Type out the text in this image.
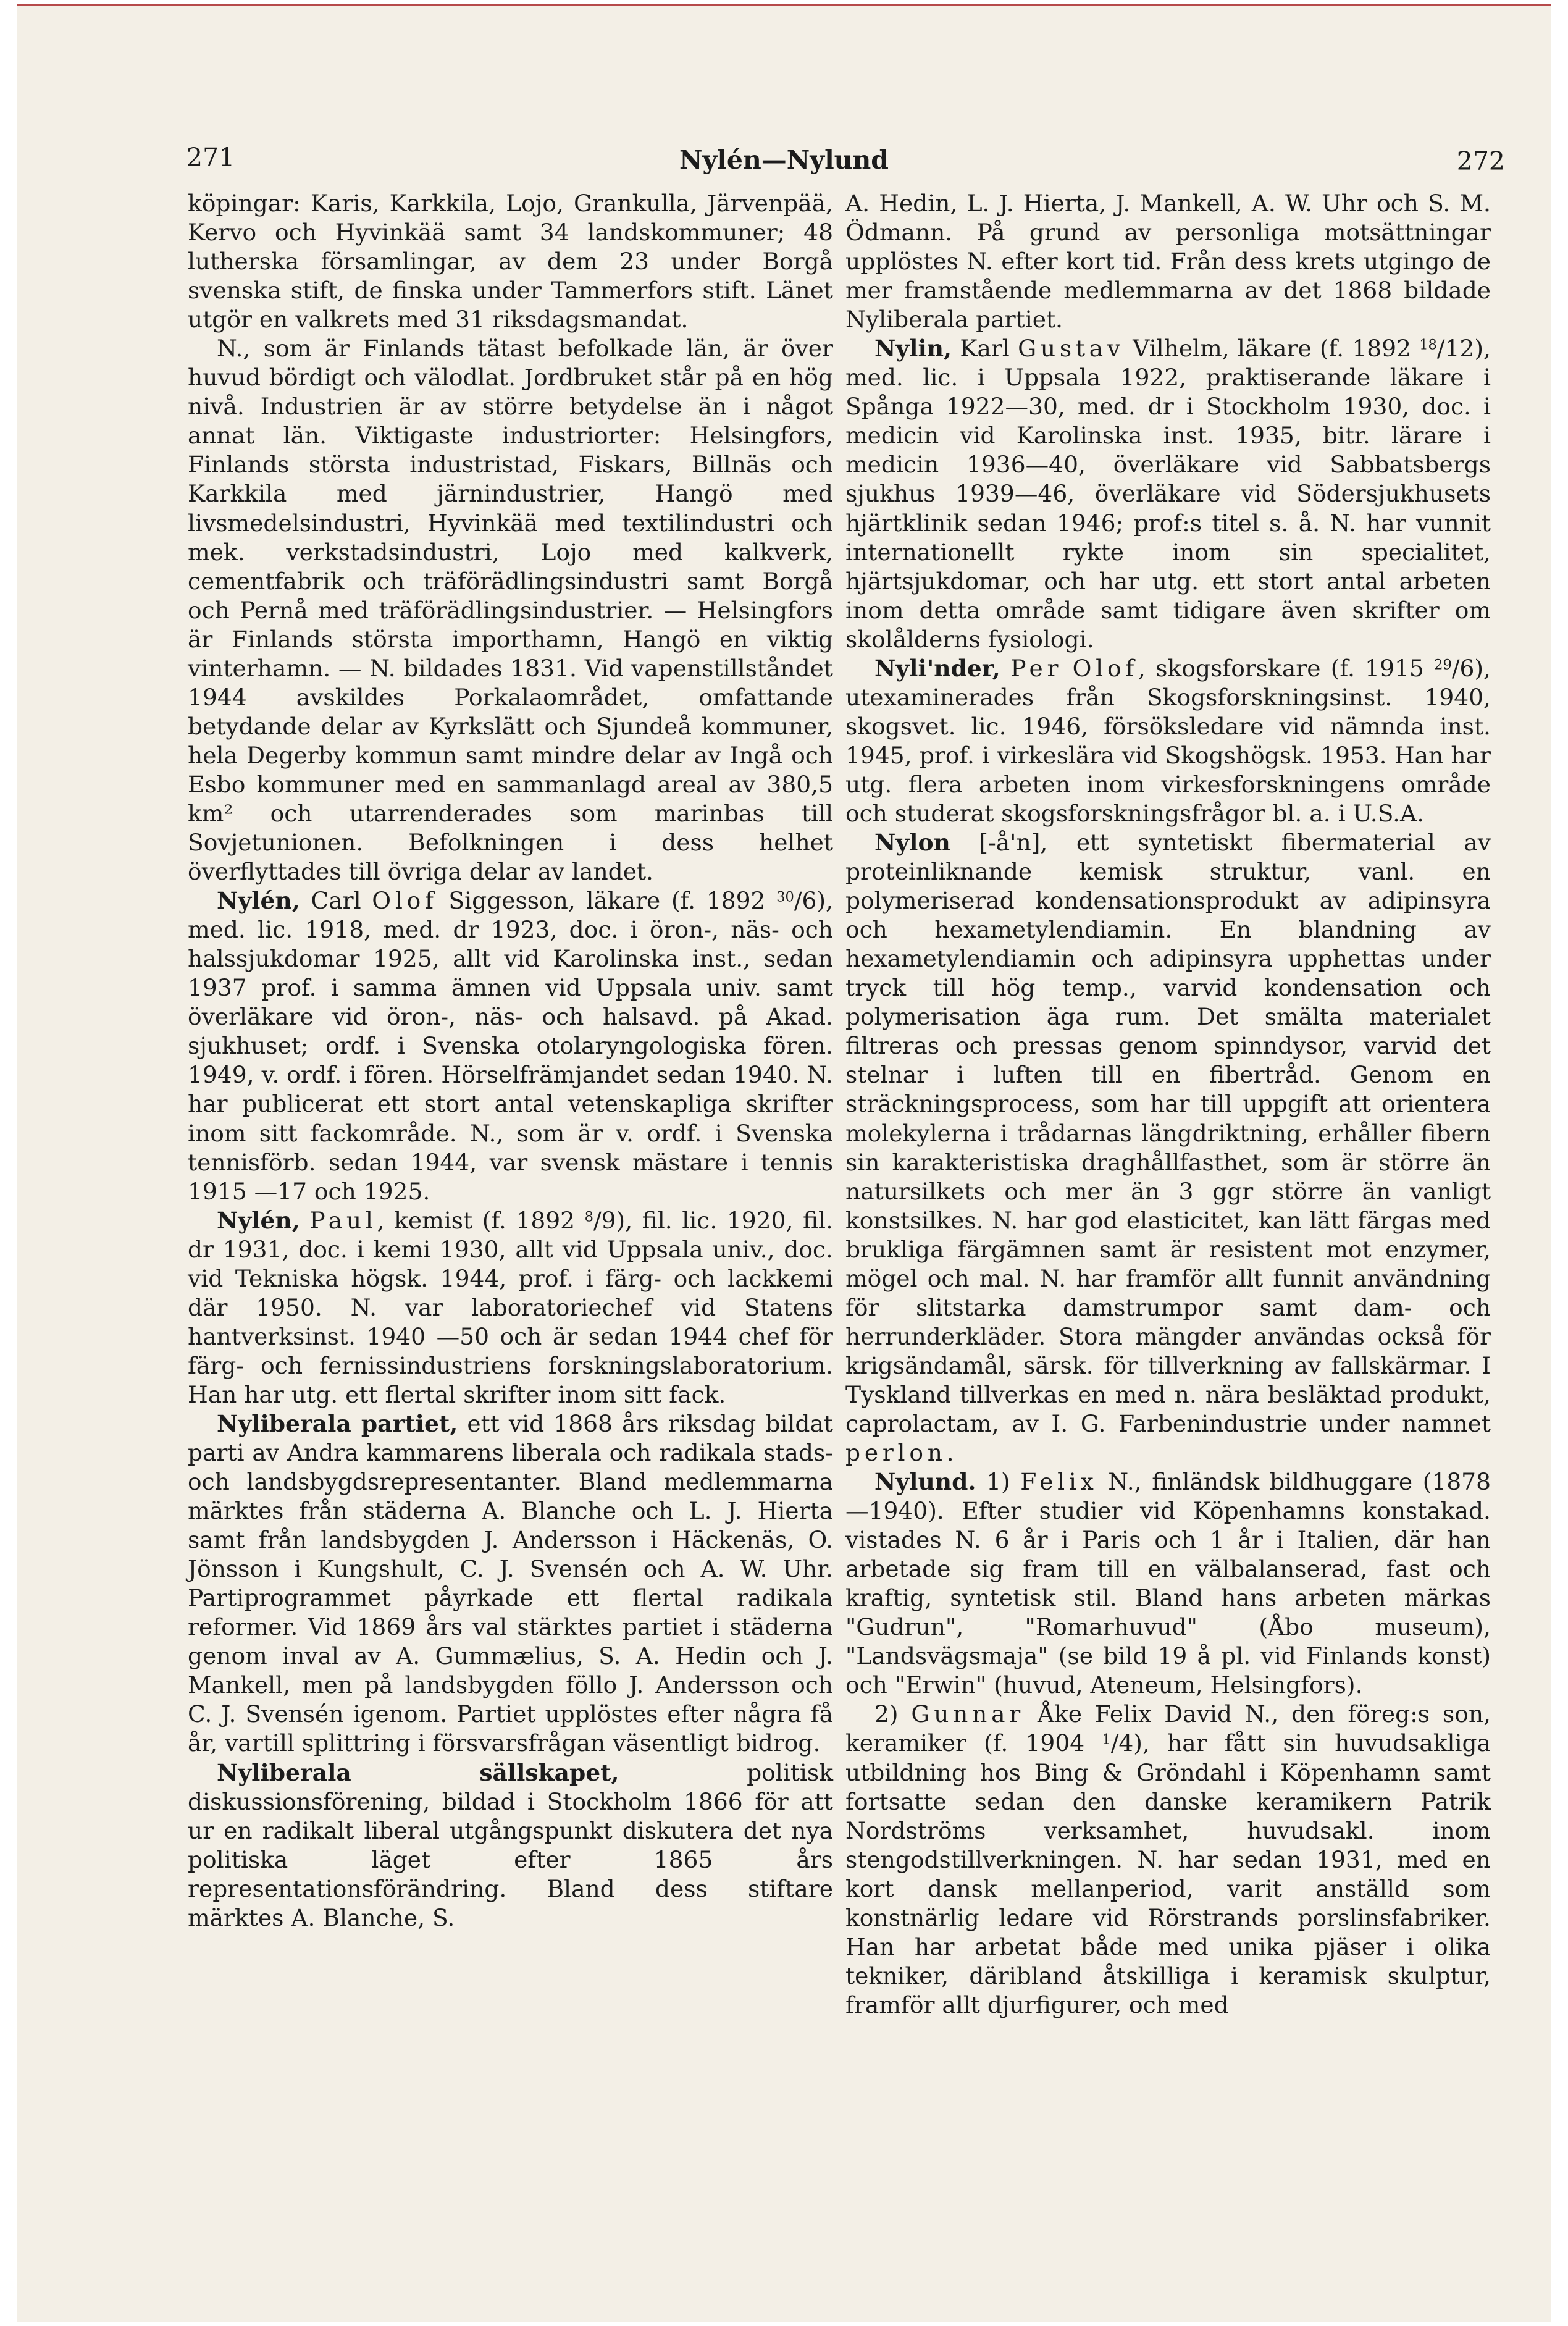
271	Nylén—Nylund	272

köpingar: Karis, Karkkila, Lojo, Grankulla, Järvenpää, Kervo och Hyvinkää samt 34 landskommuner; 48 lutherska församlingar, av dem 23 under Borgå svenska stift, de finska under Tammerfors stift. Länet utgör en valkrets med 31 riksdagsmandat.

N., som är Finlands tätast befolkade län, är över huvud bördigt och välodlat. Jordbruket står på en hög nivå. Industrien är av större betydelse än i något annat län. Viktigaste industriorter: Helsingfors, Finlands största industristad, Fiskars, Billnäs och Karkkila med järnindustrier, Hangö med livsmedelsindustri, Hyvinkää med textilindustri och mek. verkstadsindustri, Lojo med kalkverk, cementfabrik och träförädlingsindustri samt Borgå och Pernå med träförädlingsindustrier. — Helsingfors är Finlands största importhamn, Hangö en viktig vinterhamn. — N. bildades 1831. Vid vapenstillståndet 1944 avskildes Porkalaområdet, omfattande betydande delar av Kyrkslätt och Sjundeå kommuner, hela Degerby kommun samt mindre delar av Ingå och Esbo kommuner med en sammanlagd areal av 380,5 km² och utarrenderades som marinbas till Sovjetunionen. Befolkningen i dess helhet överflyttades till övriga delar av landet.

Nylén, Carl Olof Siggesson, läkare (f. 1892 $^{30}$/6), med. lic. 1918, med. dr 1923, doc. i öron-, näs- och halssjukdomar 1925, allt vid Karolinska inst., sedan 1937 prof. i samma ämnen vid Uppsala univ. samt överläkare vid öron-, näs- och halsavd. på Akad. sjukhuset; ordf. i Svenska otolaryngologiska fören. 1949, v. ordf. i fören. Hörselfrämjandet sedan 1940. N. har publicerat ett stort antal vetenskapliga skrifter inom sitt fackområde. N., som är v. ordf. i Svenska tennisförb. sedan 1944, var svensk mästare i tennis 1915 —17 och 1925.

Nylén, Paul, kemist (f. 1892 $^8$/9), fil. lic. 1920, fil. dr 1931, doc. i kemi 1930, allt vid Uppsala univ., doc. vid Tekniska högsk. 1944, prof. i färg- och lackkemi där 1950. N. var laboratoriechef vid Statens hantverksinst. 1940 —50 och är sedan 1944 chef för färg- och fernissindustriens forskningslaboratorium. Han har utg. ett flertal skrifter inom sitt fack.

Nyliberala partiet, ett vid 1868 års riksdag bildat parti av Andra kammarens liberala och radikala stads- och landsbygdsrepresentanter. Bland medlemmarna märktes från städerna A. Blanche och L. J. Hierta samt från landsbygden J. Andersson i Häckenäs, O. Jönsson i Kungshult, C. J. Svensén och A. W. Uhr. Partiprogrammet påyrkade ett flertal radikala reformer. Vid 1869 års val stärktes partiet i städerna genom inval av A. Gummælius, S. A. Hedin och J. Mankell, men på landsbygden föllo J. Andersson och C. J. Svensén igenom. Partiet upplöstes efter några få år, vartill splittring i försvarsfrågan väsentligt bidrog.

Nyliberala sällskapet, politisk diskussionsförening, bildad i Stockholm 1866 för att ur en radikalt liberal utgångspunkt diskutera det nya politiska läget efter 1865 års representationsförändring. Bland dess stiftare märktes A. Blanche, S.

A. Hedin, L. J. Hierta, J. Mankell, A. W. Uhr och S. M. Ödmann. På grund av personliga motsättningar upplöstes N. efter kort tid. Från dess krets utgingo de mer framstående medlemmarna av det 1868 bildade Nyliberala partiet.

Nylin, Karl Gustav Vilhelm, läkare (f. 1892 $^{18}$/12), med. lic. i Uppsala 1922, praktiserande läkare i Spånga 1922—30, med. dr i Stockholm 1930, doc. i medicin vid Karolinska inst. 1935, bitr. lärare i medicin 1936—40, överläkare vid Sabbatsbergs sjukhus 1939—46, överläkare vid Södersjukhusets hjärtklinik sedan 1946; prof:s titel s. å. N. har vunnit internationellt rykte inom sin specialitet, hjärtsjukdomar, och har utg. ett stort antal arbeten inom detta område samt tidigare även skrifter om skolålderns fysiologi.

Nyli'nder, Per Olof, skogsforskare (f. 1915 $^{29}$/6), utexaminerades från Skogsforskningsinst. 1940, skogsvet. lic. 1946, försöksledare vid nämnda inst. 1945, prof. i virkeslära vid Skogshögsk. 1953. Han har utg. flera arbeten inom virkesforskningens område och studerat skogsforskningsfrågor bl. a. i U.S.A.

Nylon [-å'n], ett syntetiskt fibermaterial av proteinliknande kemisk struktur, vanl. en polymeriserad kondensationsprodukt av adipinsyra och hexametylendiamin. En blandning av hexametylendiamin och adipinsyra upphettas under tryck till hög temp., varvid kondensation och polymerisation äga rum. Det smälta materialet filtreras och pressas genom spinndysor, varvid det stelnar i luften till en fibertråd. Genom en sträckningsprocess, som har till uppgift att orientera molekylerna i trådarnas längdriktning, erhåller fibern sin karakteristiska draghållfasthet, som är större än natursilkets och mer än 3 ggr större än vanligt konstsilkes. N. har god elasticitet, kan lätt färgas med brukliga färgämnen samt är resistent mot enzymer, mögel och mal. N. har framför allt funnit användning för slitstarka damstrumpor samt dam- och herrunderkläder. Stora mängder användas också för krigsändamål, särsk. för tillverkning av fallskärmar. I Tyskland tillverkas en med n. nära besläktad produkt, caprolactam, av I. G. Farbenindustrie under namnet perlon.

Nylund. 1) Felix N., finländsk bildhuggare (1878—1940). Efter studier vid Köpenhamns konstakad. vistades N. 6 år i Paris och 1 år i Italien, där han arbetade sig fram till en välbalanserad, fast och kraftig, syntetisk stil. Bland hans arbeten märkas "Gudrun", "Romarhuvud" (Åbo museum), "Landsvägsmaja" (se bild 19 å pl. vid Finlands konst) och "Erwin" (huvud, Ateneum, Helsingfors).

2) Gunnar Åke Felix David N., den föreg:s son, keramiker (f. 1904 $^1$/4), har fått sin huvudsakliga utbildning hos Bing & Gröndahl i Köpenhamn samt fortsatte sedan den danske keramikern Patrik Nordströms verksamhet, huvudsakl. inom stengodstillverkningen. N. har sedan 1931, med en kort dansk mellanperiod, varit anställd som konstnärlig ledare vid Rörstrands porslinsfabriker. Han har arbetat både med unika pjäser i olika tekniker, däribland åtskilliga i keramisk skulptur, framför allt djurfigurer, och med
